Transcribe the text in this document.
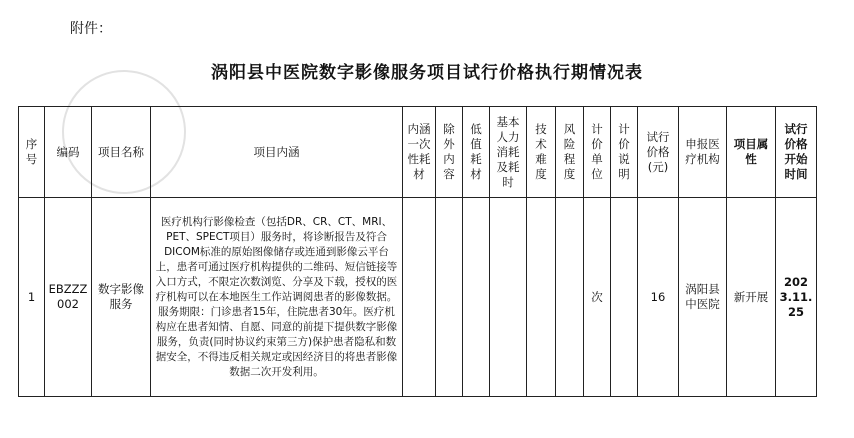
附件：
涡阳县中医院数字影像服务项目试行价格执行期情况表
序号	编码	项目名称	项目内涵	内涵一次性耗材	除外内容	低值耗材	基本人力消耗及耗时	技术难度	风险程度	计价单位	计价说明	试行价格(元)	申报医疗机构	项目属性	试行价格开始时间
1	EBZZZ002	数字影像服务	医疗机构行影像检查（包括DR、CR、CT、MRI、PET、SPECT项目）服务时，将诊断报告及符合DICOM标准的原始图像储存或连通到影像云平台上，患者可通过医疗机构提供的二维码、短信链接等入口方式，不限定次数浏览、分享及下载，授权的医疗机构可以在本地医生工作站调阅患者的影像数据。服务期限：门诊患者15年，住院患者30年。医疗机构应在患者知情、自愿、同意的前提下提供数字影像服务，负责(同时协议约束第三方)保护患者隐私和数据安全，不得违反相关规定或因经济目的将患者影像数据二次开发利用。							次		16	涡阳县中医院	新开展	2023.11.25
